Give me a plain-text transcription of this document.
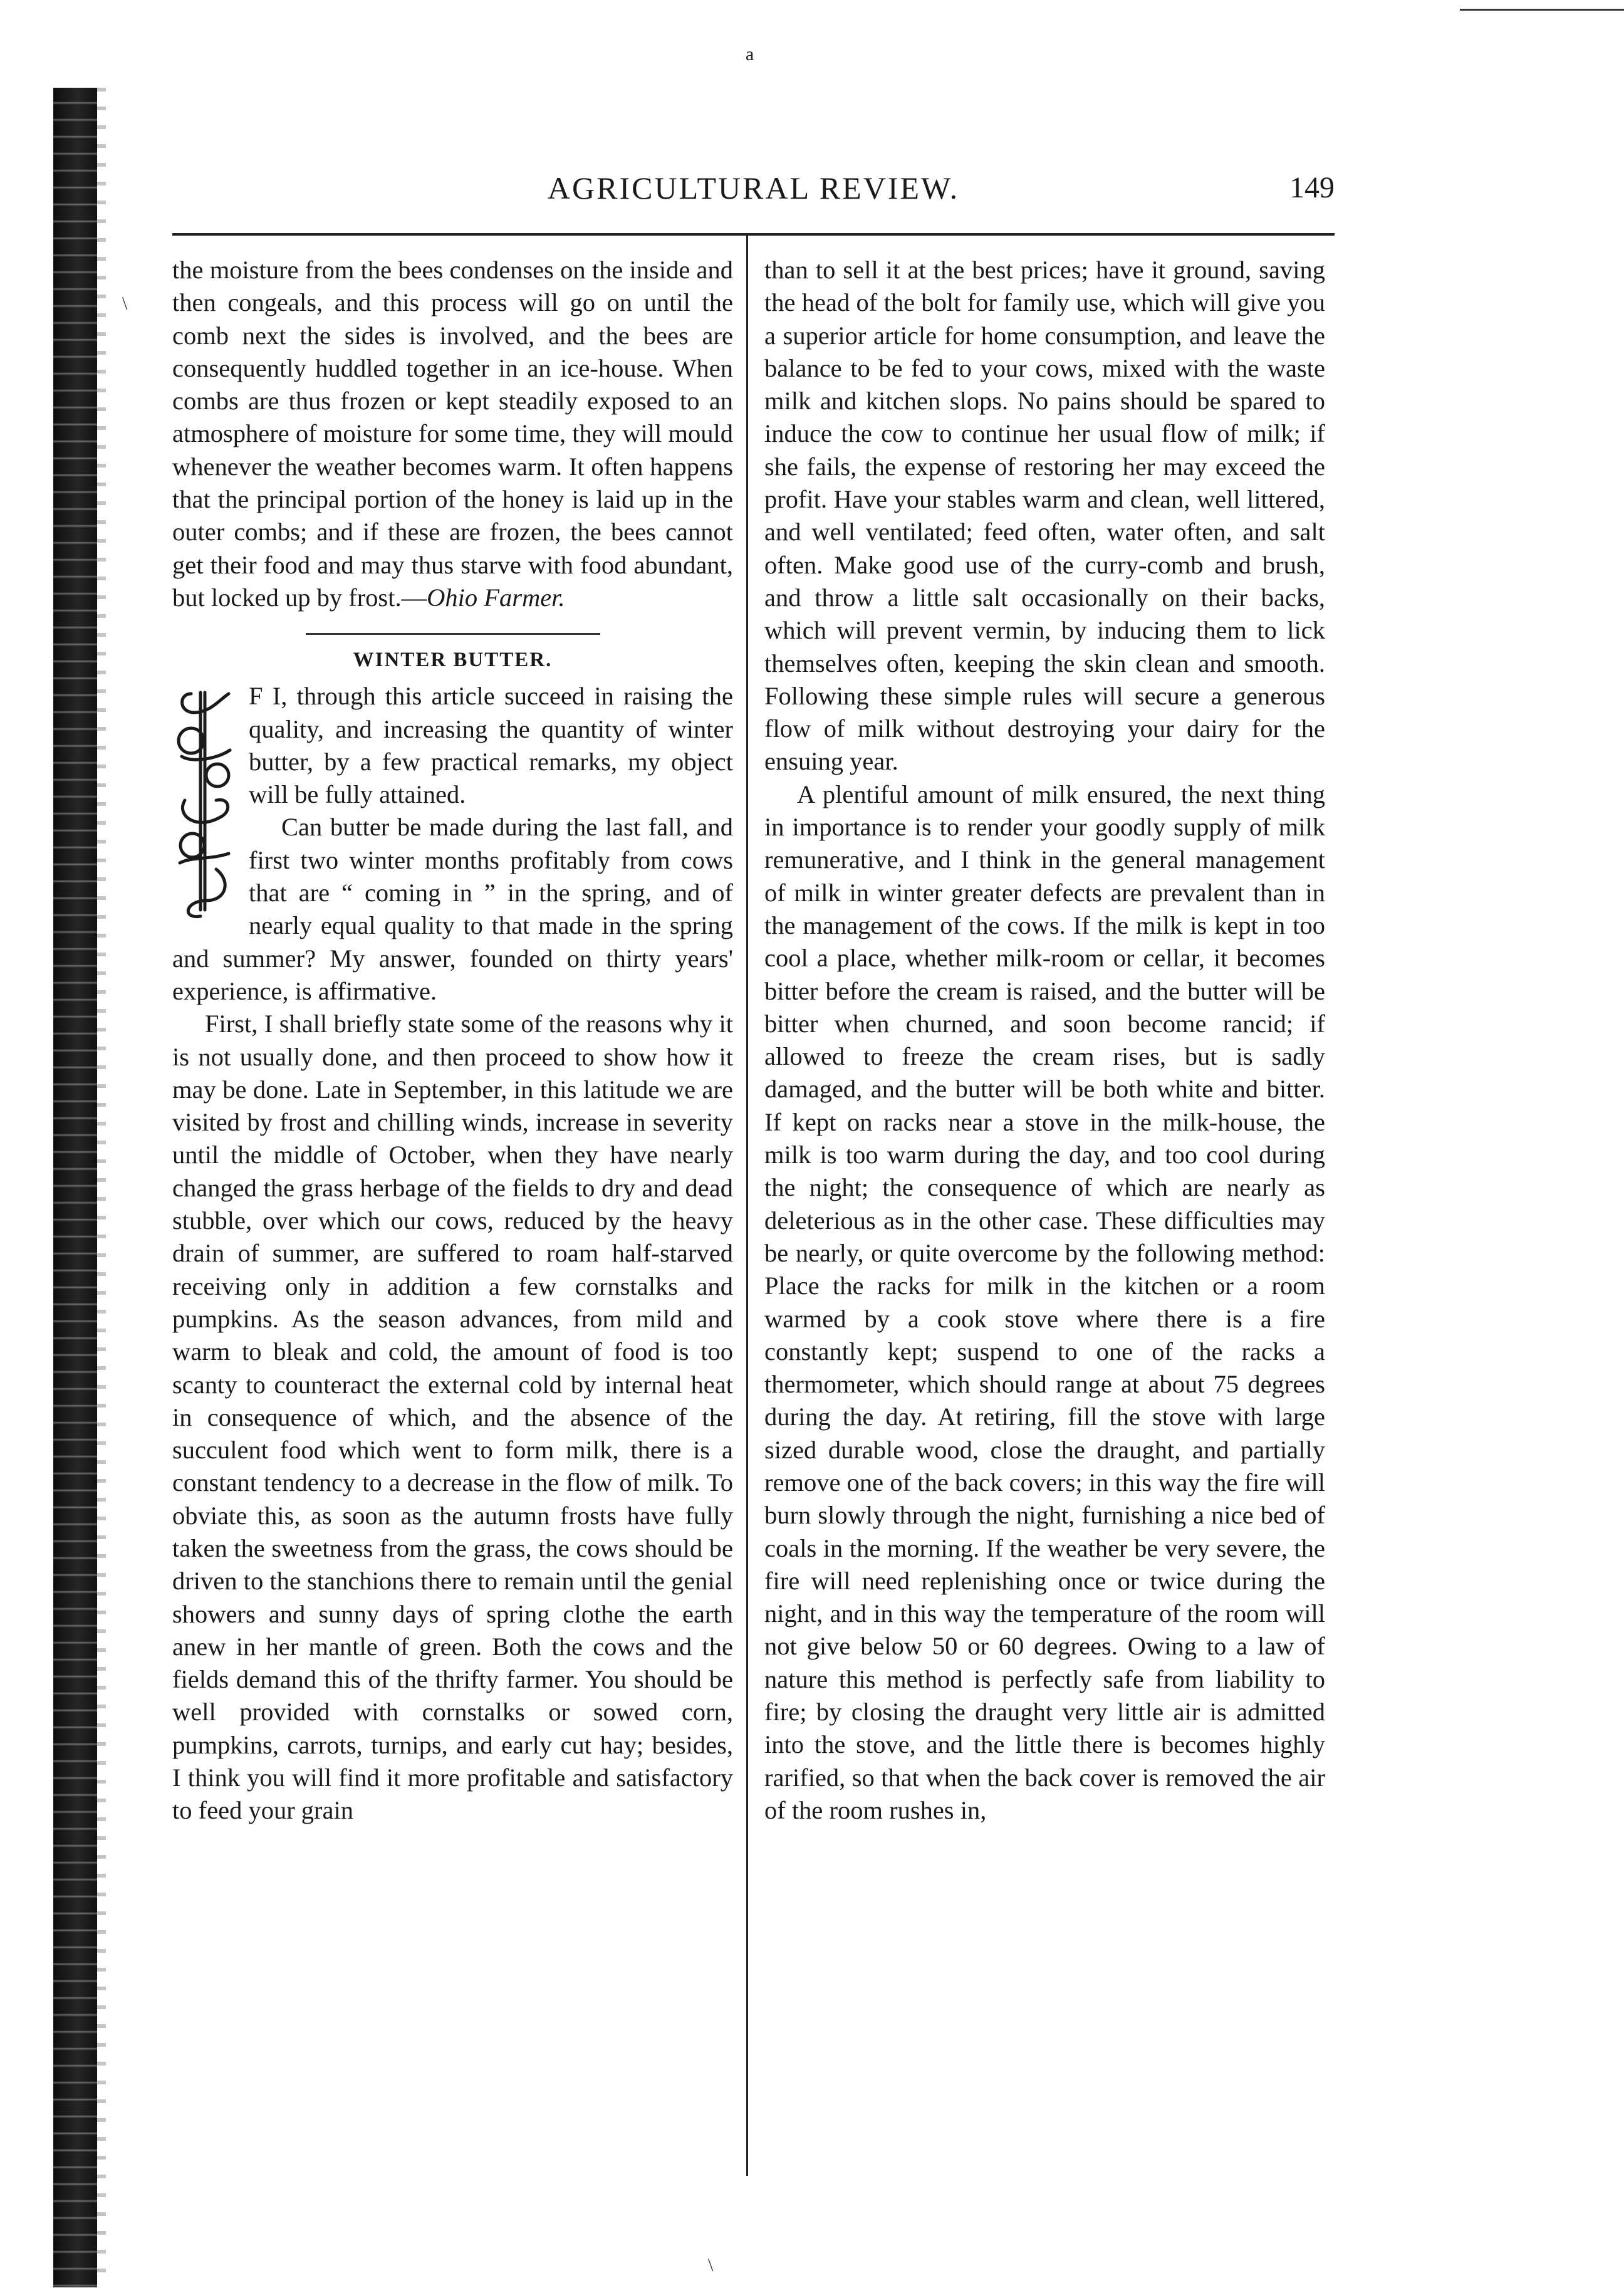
a
AGRICULTURAL REVIEW.	149

the moisture from the bees condenses on the inside and then congeals, and this process will go on until the comb next the sides is involved, and the bees are consequently huddled together in an ice-house. When combs are thus frozen or kept steadily exposed to an atmosphere of moisture for some time, they will mould whenever the weather becomes warm. It often happens that the principal portion of the honey is laid up in the outer combs; and if these are frozen, the bees cannot get their food and may thus starve with food abundant, but locked up by frost.—Ohio Farmer.

WINTER BUTTER.

F I, through this article succeed in raising the quality, and increasing the quantity of winter butter, by a few practical remarks, my object will be fully attained.

Can butter be made during the last fall, and first two winter months profitably from cows that are “ coming in ” in the spring, and of nearly equal quality to that made in the spring and summer? My answer, founded on thirty years' experience, is affirmative.

First, I shall briefly state some of the reasons why it is not usually done, and then proceed to show how it may be done. Late in September, in this latitude we are visited by frost and chilling winds, increase in severity until the middle of October, when they have nearly changed the grass herbage of the fields to dry and dead stubble, over which our cows, reduced by the heavy drain of summer, are suffered to roam half-starved receiving only in addition a few cornstalks and pumpkins. As the season advances, from mild and warm to bleak and cold, the amount of food is too scanty to counteract the external cold by internal heat in consequence of which, and the absence of the succulent food which went to form milk, there is a constant tendency to a decrease in the flow of milk. To obviate this, as soon as the autumn frosts have fully taken the sweetness from the grass, the cows should be driven to the stanchions there to remain until the genial showers and sunny days of spring clothe the earth anew in her mantle of green. Both the cows and the fields demand this of the thrifty farmer. You should be well provided with cornstalks or sowed corn, pumpkins, carrots, turnips, and early cut hay; besides, I think you will find it more profitable and satisfactory to feed your grain

than to sell it at the best prices; have it ground, saving the head of the bolt for family use, which will give you a superior article for home consumption, and leave the balance to be fed to your cows, mixed with the waste milk and kitchen slops. No pains should be spared to induce the cow to continue her usual flow of milk; if she fails, the expense of restoring her may exceed the profit. Have your stables warm and clean, well littered, and well ventilated; feed often, water often, and salt often. Make good use of the curry-comb and brush, and throw a little salt occasionally on their backs, which will prevent vermin, by inducing them to lick themselves often, keeping the skin clean and smooth. Following these simple rules will secure a generous flow of milk without destroying your dairy for the ensuing year.

A plentiful amount of milk ensured, the next thing in importance is to render your goodly supply of milk remunerative, and I think in the general management of milk in winter greater defects are prevalent than in the management of the cows. If the milk is kept in too cool a place, whether milk-room or cellar, it becomes bitter before the cream is raised, and the butter will be bitter when churned, and soon become rancid; if allowed to freeze the cream rises, but is sadly damaged, and the butter will be both white and bitter. If kept on racks near a stove in the milk-house, the milk is too warm during the day, and too cool during the night; the consequence of which are nearly as deleterious as in the other case. These difficulties may be nearly, or quite overcome by the following method: Place the racks for milk in the kitchen or a room warmed by a cook stove where there is a fire constantly kept; suspend to one of the racks a thermometer, which should range at about 75 degrees during the day. At retiring, fill the stove with large sized durable wood, close the draught, and partially remove one of the back covers; in this way the fire will burn slowly through the night, furnishing a nice bed of coals in the morning. If the weather be very severe, the fire will need replenishing once or twice during the night, and in this way the temperature of the room will not give below 50 or 60 degrees. Owing to a law of nature this method is perfectly safe from liability to fire; by closing the draught very little air is admitted into the stove, and the little there is becomes highly rarified, so that when the back cover is removed the air of the room rushes in,

\
\
